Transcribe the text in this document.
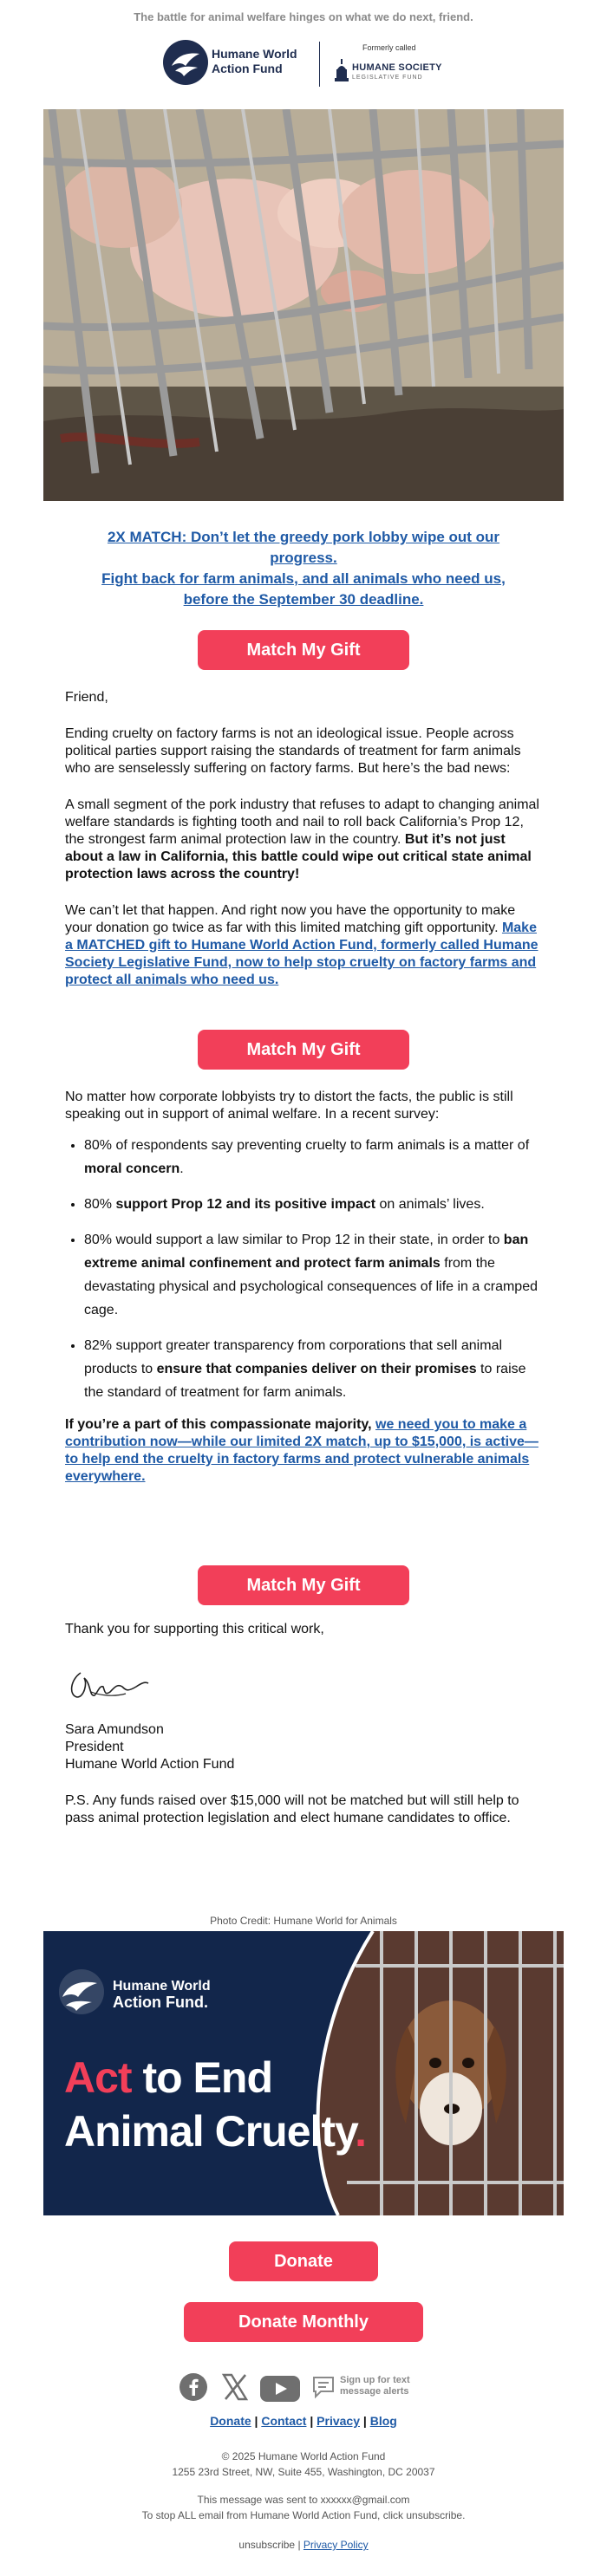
The battle for animal welfare hinges on what we do next, friend.
Humane World
Action Fund
Formerly called
HUMANE SOCIETY
LEGISLATIVE FUND
2X MATCH: Don’t let the greedy pork lobby wipe out our progress.
Fight back for farm animals, and all animals who need us, before the September 30 deadline.
Match My Gift

Friend,

Ending cruelty on factory farms is not an ideological issue. People across political parties support raising the standards of treatment for farm animals who are senselessly suffering on factory farms. But here’s the bad news:

A small segment of the pork industry that refuses to adapt to changing animal welfare standards is fighting tooth and nail to roll back California’s Prop 12, the strongest farm animal protection law in the country. But it’s not just about a law in California, this battle could wipe out critical state animal protection laws across the country!

We can’t let that happen. And right now you have the opportunity to make your donation go twice as far with this limited matching gift opportunity. Make a MATCHED gift to Humane World Action Fund, formerly called Humane Society Legislative Fund, now to help stop cruelty on factory farms and protect all animals who need us.

Match My Gift

No matter how corporate lobbyists try to distort the facts, the public is still speaking out in support of animal welfare. In a recent survey:

• 80% of respondents say preventing cruelty to farm animals is a matter of moral concern.
• 80% support Prop 12 and its positive impact on animals’ lives.
• 80% would support a law similar to Prop 12 in their state, in order to ban extreme animal confinement and protect farm animals from the devastating physical and psychological consequences of life in a cramped cage.
• 82% support greater transparency from corporations that sell animal products to ensure that companies deliver on their promises to raise the standard of treatment for farm animals.

If you’re a part of this compassionate majority, we need you to make a contribution now—while our limited 2X match, up to $15,000, is active—to help end the cruelty in factory farms and protect vulnerable animals everywhere.

Match My Gift

Thank you for supporting this critical work,

Sara Amundson

President

Humane World Action Fund

P.S. Any funds raised over $15,000 will not be matched but will still help to pass animal protection legislation and elect humane candidates to office.

Photo Credit: Humane World for Animals
Humane World
Action Fund.
Act to End
Animal Cruelty.
Donate
Donate Monthly
Sign up for text
message alerts
Donate | Contact | Privacy | Blog
© 2025 Humane World Action Fund
1255 23rd Street, NW, Suite 455, Washington, DC 20037
This message was sent to xxxxxx@gmail.com
To stop ALL email from Humane World Action Fund, click unsubscribe.
unsubscribe | Privacy Policy
